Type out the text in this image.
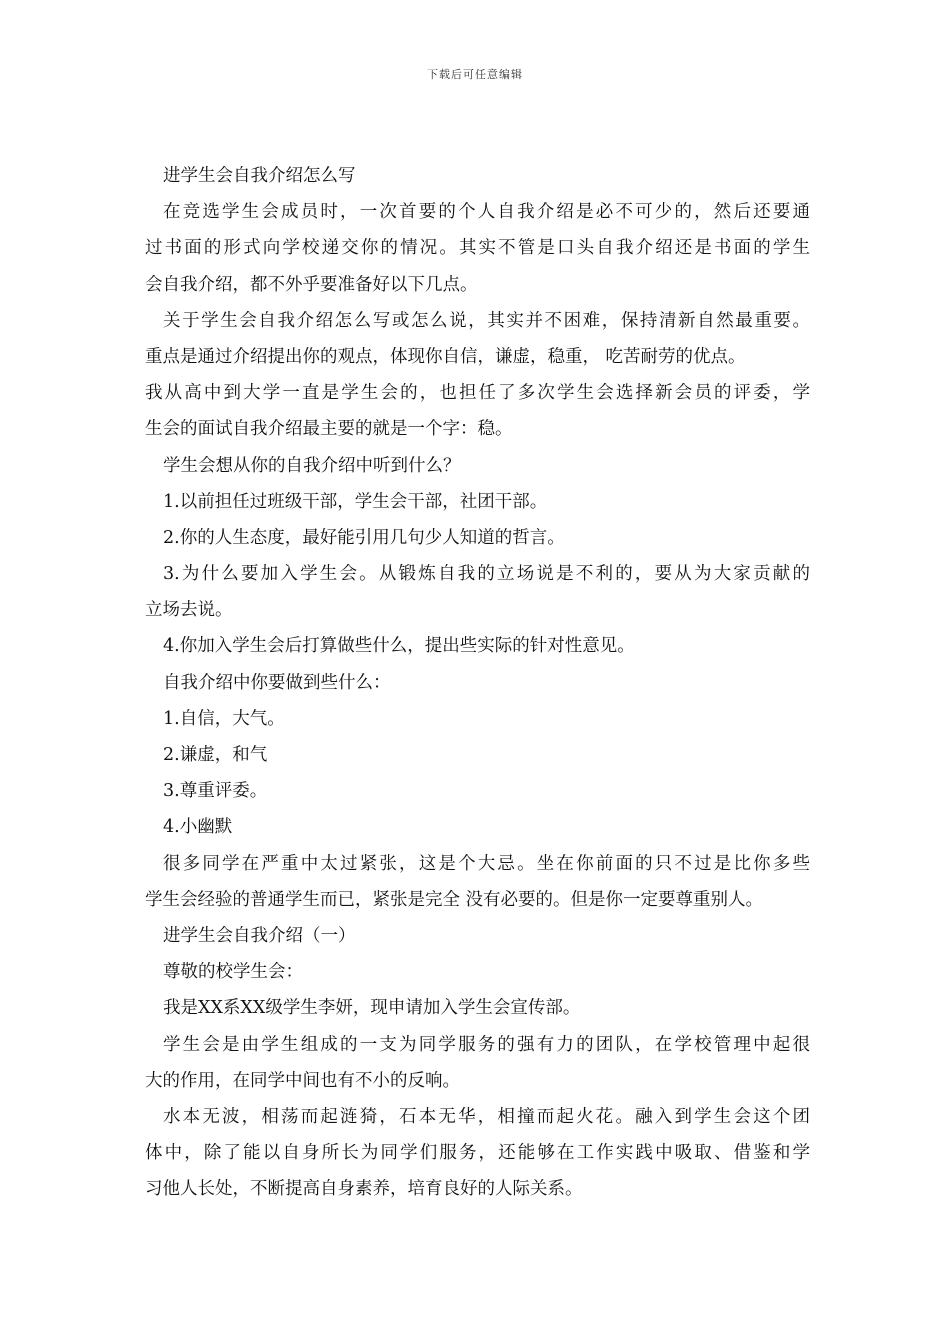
下载后可任意编辑
进学生会自我介绍怎么写
在竞选学生会成员时，一次首要的个人自我介绍是必不可少的，然后还要通
过书面的形式向学校递交你的情况。其实不管是口头自我介绍还是书面的学生
会自我介绍，都不外乎要准备好以下几点。
关于学生会自我介绍怎么写或怎么说，其实并不困难，保持清新自然最重要。
重点是通过介绍提出你的观点，体现你自信，谦虚，稳重， 吃苦耐劳的优点。
我从高中到大学一直是学生会的，也担任了多次学生会选择新会员的评委，学
生会的面试自我介绍最主要的就是一个字：稳。
学生会想从你的自我介绍中听到什么？
1.以前担任过班级干部，学生会干部，社团干部。
2.你的人生态度，最好能引用几句少人知道的哲言。
3.为什么要加入学生会。从锻炼自我的立场说是不利的，要从为大家贡献的
立场去说。
4.你加入学生会后打算做些什么，提出些实际的针对性意见。
自我介绍中你要做到些什么：
1.自信，大气。
2.谦虚，和气
3.尊重评委。
4.小幽默
很多同学在严重中太过紧张，这是个大忌。坐在你前面的只不过是比你多些
学生会经验的普通学生而已，紧张是完全 没有必要的。但是你一定要尊重别人。
进学生会自我介绍（一）
尊敬的校学生会：
我是XX系XX级学生李妍，现申请加入学生会宣传部。
学生会是由学生组成的一支为同学服务的强有力的团队，在学校管理中起很
大的作用，在同学中间也有不小的反响。
水本无波，相荡而起涟猗，石本无华，相撞而起火花。融入到学生会这个团
体中，除了能以自身所长为同学们服务，还能够在工作实践中吸取、借鉴和学
习他人长处，不断提高自身素养，培育良好的人际关系。
